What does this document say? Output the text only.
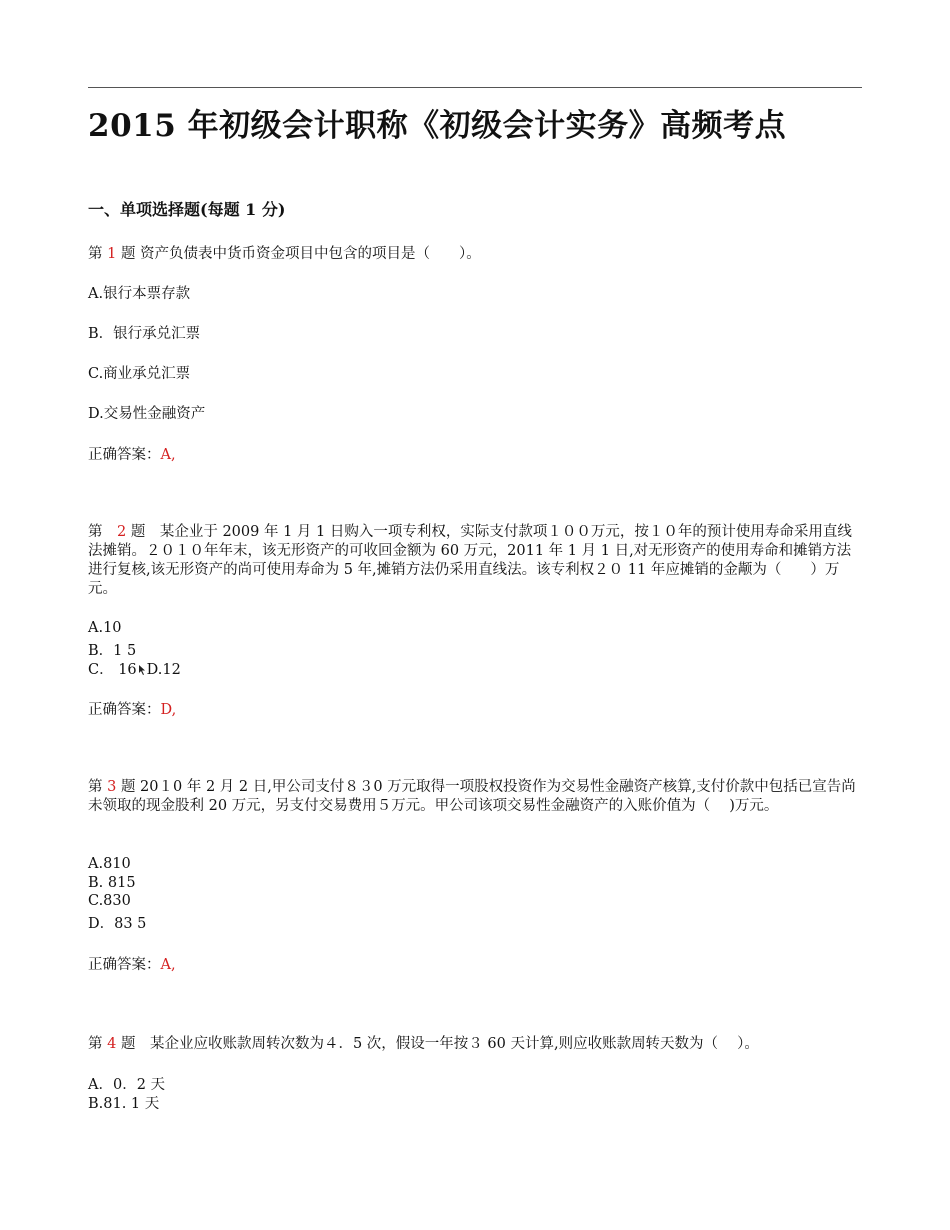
2015 年初级会计职称《初级会计实务》高频考点
一、单项选择题(每题 1 分)
第 1 题 资产负债表中货币资金项目中包含的项目是（　　）。
A.银行本票存款
B．银行承兑汇票
C.商业承兑汇票
D.交易性金融资产
正确答案：A,
第　2 题　某企业于 2009 年 1 月 1 日购入一项专利权，实际支付款项１００万元，按１０年的预计使用寿命采用直线法摊销。２０１０年年末，该无形资产的可收回金额为 60 万元，2011 年 1 月 1 日,对无形资产的使用寿命和摊销方法进行复核,该无形资产的尚可使用寿命为 5 年,摊销方法仍采用直线法。该专利权２０ 11 年应摊销的金颟为（　　）万元。
A.10
B．1 5
C． 16 D.12
正确答案：D,
第 3 题 20１0 年 2 月 2 日,甲公司支付８３0 万元取得一项股权投资作为交易性金融资产核算,支付价款中包括已宣告尚未领取的现金股利 20 万元，另支付交易费用５万元。甲公司该项交易性金融资产的入账价值为（　 )万元。
A.810
B. 815
C.830
D．83 5
正确答案：A,
第 4 题　某企业应收账款周转次数为４．5 次，假设一年按３ 60 天计算,则应收账款周转天数为（　 ）。
A．0．2 天
B.81. 1 天
